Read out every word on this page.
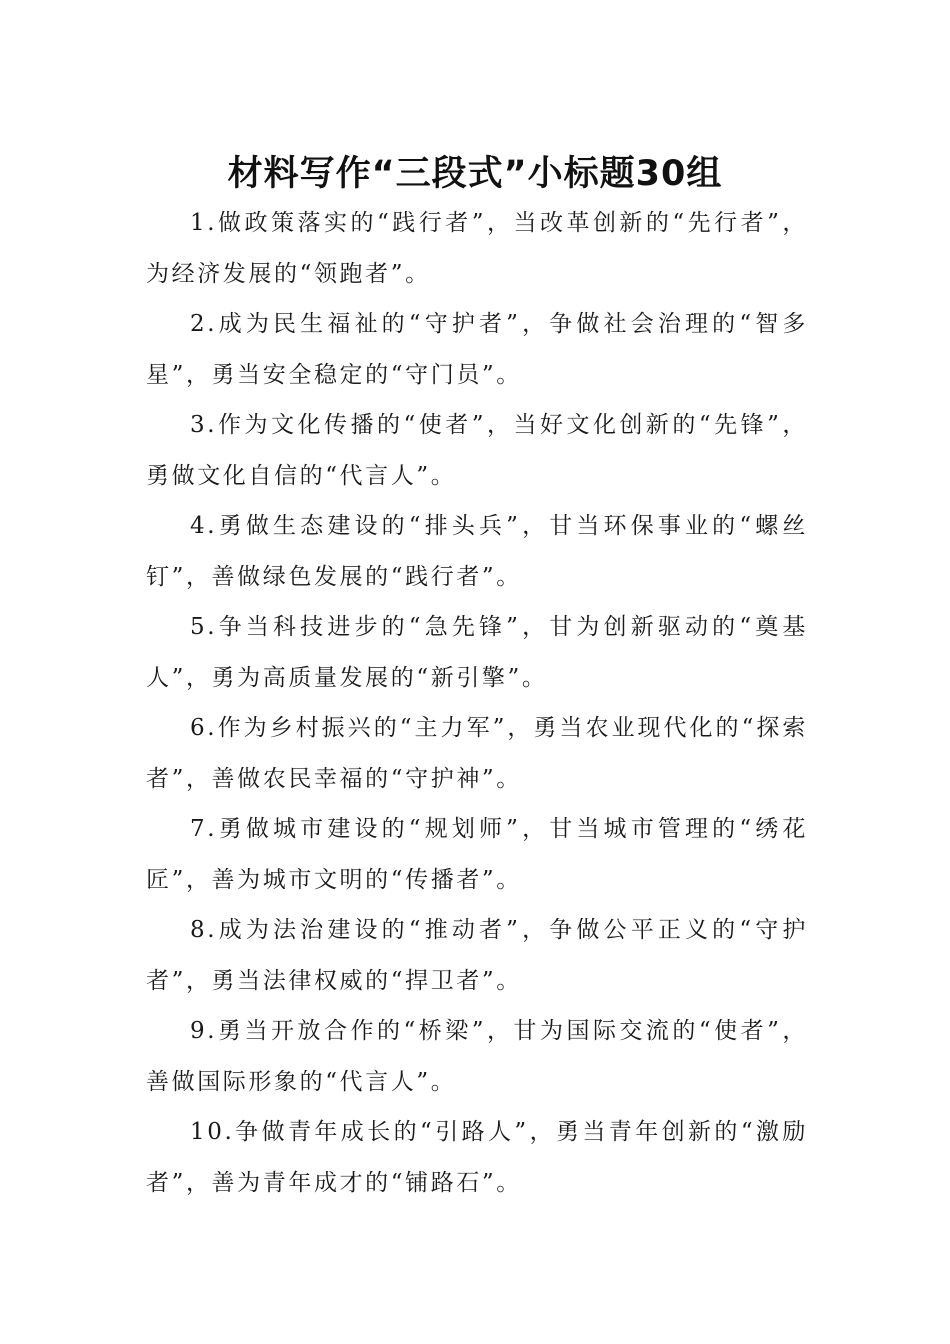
材料写作“三段式”小标题30组

1.做政策落实的“践行者”，当改革创新的“先行者”，为经济发展的“领跑者”。

2.成为民生福祉的“守护者”，争做社会治理的“智多星”，勇当安全稳定的“守门员”。

3.作为文化传播的“使者”，当好文化创新的“先锋”，勇做文化自信的“代言人”。

4.勇做生态建设的“排头兵”，甘当环保事业的“螺丝钉”，善做绿色发展的“践行者”。

5.争当科技进步的“急先锋”，甘为创新驱动的“奠基人”，勇为高质量发展的“新引擎”。

6.作为乡村振兴的“主力军”，勇当农业现代化的“探索者”，善做农民幸福的“守护神”。

7.勇做城市建设的“规划师”，甘当城市管理的“绣花匠”，善为城市文明的“传播者”。

8.成为法治建设的“推动者”，争做公平正义的“守护者”，勇当法律权威的“捍卫者”。

9.勇当开放合作的“桥梁”，甘为国际交流的“使者”，善做国际形象的“代言人”。

10.争做青年成长的“引路人”，勇当青年创新的“激励者”，善为青年成才的“铺路石”。
